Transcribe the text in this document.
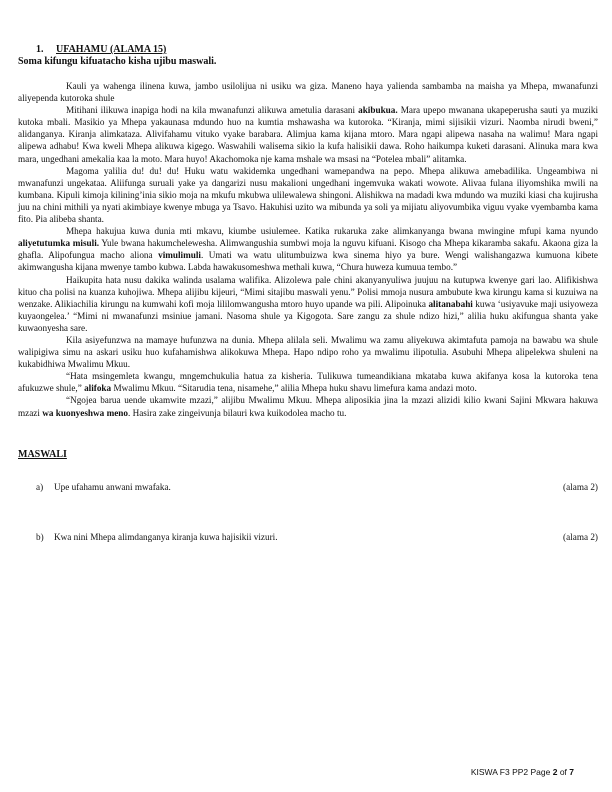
1. UFAHAMU (ALAMA 15)
Soma kifungu kifuatacho kisha ujibu maswali.

Kauli ya wahenga ilinena kuwa, jambo usilolijua ni usiku wa giza. Maneno haya yalienda sambamba na maisha ya Mhepa, mwanafunzi aliyependa kutoroka shule

Mitihani ilikuwa inapiga hodi na kila mwanafunzi alikuwa ametulia darasani akibukua. Mara upepo mwanana ukapeperusha sauti ya muziki kutoka mbali. Masikio ya Mhepa yakaunasa mdundo huo na kumtia mshawasha wa kutoroka. “Kiranja, mimi sijisikii vizuri. Naomba nirudi bweni,” alidanganya. Kiranja alimkataza. Alivifahamu vituko vyake barabara. Alimjua kama kijana mtoro. Mara ngapi alipewa nasaha na walimu! Mara ngapi alipewa adhabu! Kwa kweli Mhepa alikuwa kigego. Waswahili walisema sikio la kufa halisikii dawa. Roho haikumpa kuketi darasani. Alinuka mara kwa mara, ungedhani amekalia kaa la moto. Mara huyo! Akachomoka nje kama mshale wa msasi na “Potelea mbali” alitamka.

Magoma yalilia du! du! du! Huku watu wakidemka ungedhani wamepandwa na pepo. Mhepa alikuwa amebadilika. Ungeambiwa ni mwanafunzi ungekataa. Aliifunga suruali yake ya dangarizi nusu makalioni ungedhani ingemvuka wakati wowote. Alivaa fulana iliyomshika mwili na kumbana. Kipuli kimoja kilining’inia sikio moja na mkufu mkubwa ulilewalewa shingoni. Alishikwa na madadi kwa mdundo wa muziki kiasi cha kujirusha juu na chini mithili ya nyati akimbiaye kwenye mbuga ya Tsavo. Hakuhisi uzito wa mibunda ya soli ya mijiatu aliyovumbika viguu vyake vyembamba kama fito. Pia alibeba shanta.

Mhepa hakujua kuwa dunia mti mkavu, kiumbe usiulemee. Katika rukaruka zake alimkanyanga bwana mwingine mfupi kama nyundo aliyetutumka misuli. Yule bwana hakumchelewesha. Alimwangushia sumbwi moja la nguvu kifuani. Kisogo cha Mhepa kikaramba sakafu. Akaona giza la ghafla. Alipofungua macho aliona vimulimuli. Umati wa watu ulitumbuizwa kwa sinema hiyo ya bure. Wengi walishangazwa kumuona kibete akimwangusha kijana mwenye tambo kubwa. Labda hawakusomeshwa methali kuwa, “Chura huweza kumuua tembo.”

Haikupita hata nusu dakika walinda usalama walifika. Alizolewa pale chini akanyanyuliwa juujuu na kutupwa kwenye gari lao. Alifikishwa kituo cha polisi na kuanza kuhojiwa. Mhepa alijibu kijeuri, “Mimi sitajibu maswali yenu.” Polisi mmoja nusura ambubute kwa kirungu kama si kuzuiwa na wenzake. Alikiachilia kirungu na kumwahi kofi moja lililomwangusha mtoro huyo upande wa pili. Alipoinuka alitanabahi kuwa ‘usiyavuke maji usiyoweza kuyaongelea.’ “Mimi ni mwanafunzi msiniue jamani. Nasoma shule ya Kigogota. Sare zangu za shule ndizo hizi,” alilia huku akifungua shanta yake kuwaonyesha sare.

Kila asiyefunzwa na mamaye hufunzwa na dunia. Mhepa alilala seli. Mwalimu wa zamu aliyekuwa akimtafuta pamoja na bawabu wa shule walipigiwa simu na askari usiku huo kufahamishwa alikokuwa Mhepa. Hapo ndipo roho ya mwalimu ilipotulia. Asubuhi Mhepa alipelekwa shuleni na kukabidhiwa Mwalimu Mkuu.

“Hata msingemleta kwangu, mngemchukulia hatua za kisheria. Tulikuwa tumeandikiana mkataba kuwa akifanya kosa la kutoroka tena afukuzwe shule,” alifoka Mwalimu Mkuu. “Sitarudia tena, nisamehe,” alilia Mhepa huku shavu limefura kama andazi moto.

“Ngojea barua uende ukamwite mzazi,” alijibu Mwalimu Mkuu. Mhepa aliposikia jina la mzazi alizidi kilio kwani Sajini Mkwara hakuwa mzazi wa kuonyeshwa meno. Hasira zake zingeivunja bilauri kwa kuikodolea macho tu.

MASWALI
a) Upe ufahamu anwani mwafaka.	(alama 2)
b) Kwa nini Mhepa alimdanganya kiranja kuwa hajisikii vizuri.	(alama 2)
KISWA F3 PP2 Page 2 of 7
